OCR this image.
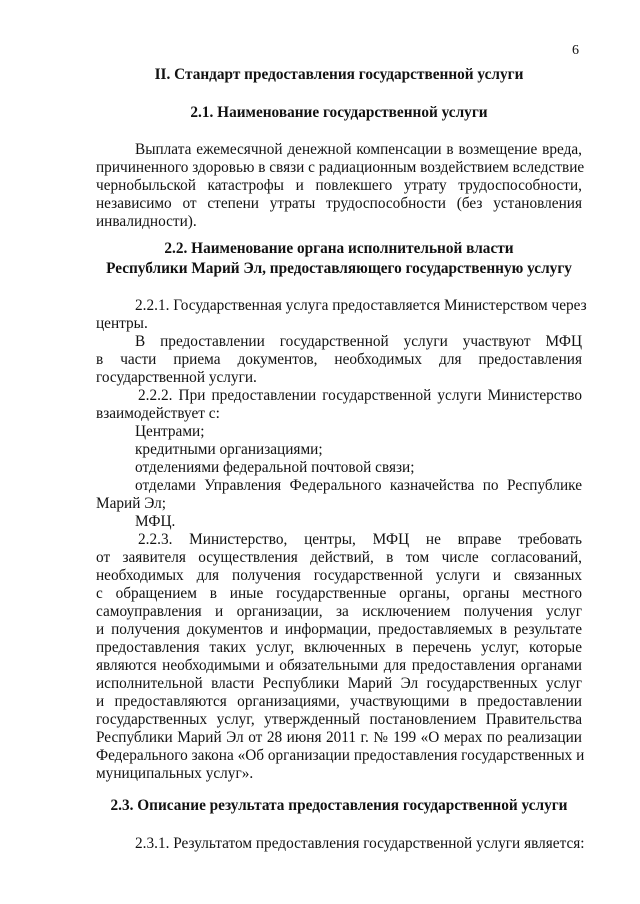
6
II. Стандарт предоставления государственной услуги
2.1. Наименование государственной услуги
Выплата ежемесячной денежной компенсации в возмещение вреда,
причиненного здоровью в связи с радиационным воздействием вследствие
чернобыльской катастрофы и повлекшего утрату трудоспособности,
независимо от степени утраты трудоспособности (без установления
инвалидности).
2.2. Наименование органа исполнительной власти
Республики Марий Эл, предоставляющего государственную услугу
2.2.1. Государственная услуга предоставляется Министерством через
центры.
В предоставлении государственной услуги участвуют МФЦ
в части приема документов, необходимых для предоставления
государственной услуги.
2.2.2. При предоставлении государственной услуги Министерство
взаимодействует с:
Центрами;
кредитными организациями;
отделениями федеральной почтовой связи;
отделами Управления Федерального казначейства по Республике
Марий Эл;
МФЦ.
2.2.3. Министерство, центры, МФЦ не вправе требовать
от заявителя осуществления действий, в том числе согласований,
необходимых для получения государственной услуги и связанных
с обращением в иные государственные органы, органы местного
самоуправления и организации, за исключением получения услуг
и получения документов и информации, предоставляемых в результате
предоставления таких услуг, включенных в перечень услуг, которые
являются необходимыми и обязательными для предоставления органами
исполнительной власти Республики Марий Эл государственных услуг
и предоставляются организациями, участвующими в предоставлении
государственных услуг, утвержденный постановлением Правительства
Республики Марий Эл от 28 июня 2011 г. № 199 «О мерах по реализации
Федерального закона «Об организации предоставления государственных и
муниципальных услуг».
2.3. Описание результата предоставления государственной услуги
2.3.1. Результатом предоставления государственной услуги является:
